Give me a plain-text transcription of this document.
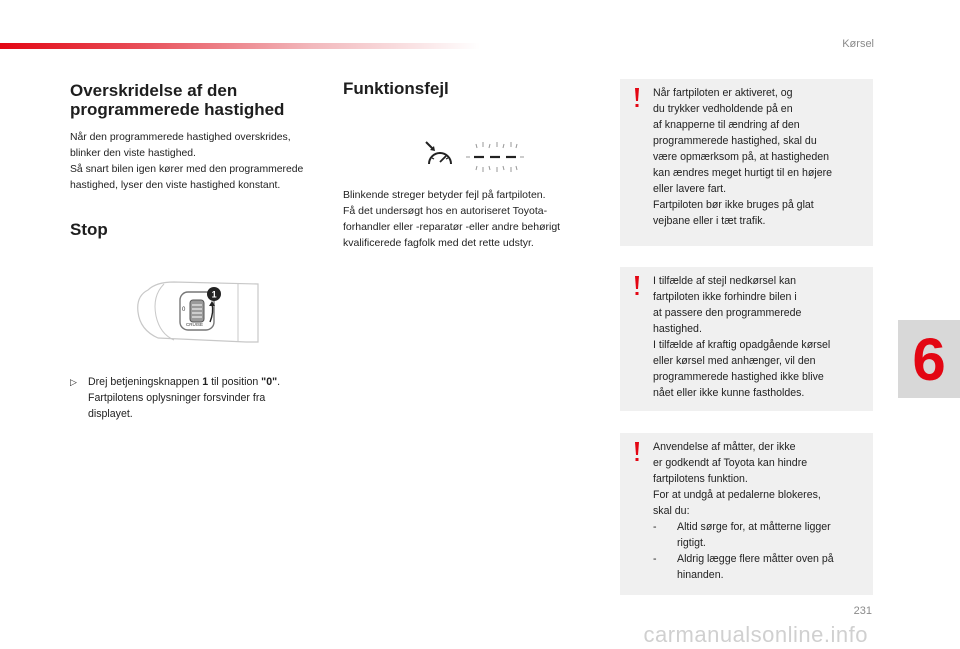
Kørsel
6
Overskridelse af den
programmerede hastighed

Når den programmerede hastighed overskrides,

blinker den viste hastighed.

Så snart bilen igen kører med den programmerede

hastighed, lyser den viste hastighed konstant.

Stop
0
CRUISE
1
▷ Drej betjeningsknappen 1 til position "0".
Fartpilotens oplysninger forsvinder fra
displayet.
Funktionsfejl
Blinkende streger betyder fejl på fartpiloten.
Få det undersøgt hos en autoriseret Toyota-
forhandler eller -reparatør -eller andre behørigt
kvalificerede fagfolk med det rette udstyr.
Når fartpiloten er aktiveret, og
du trykker vedholdende på en
af knapperne til ændring af den
programmerede hastighed, skal du
være opmærksom på, at hastigheden
kan ændres meget hurtigt til en højere
eller lavere fart.
Fartpiloten bør ikke bruges på glat
vejbane eller i tæt trafik.
I tilfælde af stejl nedkørsel kan
fartpiloten ikke forhindre bilen i
at passere den programmerede
hastighed.
I tilfælde af kraftig opadgående kørsel
eller kørsel med anhænger, vil den
programmerede hastighed ikke blive
nået eller ikke kunne fastholdes.
Anvendelse af måtter, der ikke
er godkendt af Toyota kan hindre
fartpilotens funktion.
For at undgå at pedalerne blokeres,
skal du:
-	Altid sørge for, at måtterne ligger
rigtigt.
-	Aldrig lægge flere måtter oven på
hinanden.
231
carmanualsonline.info
